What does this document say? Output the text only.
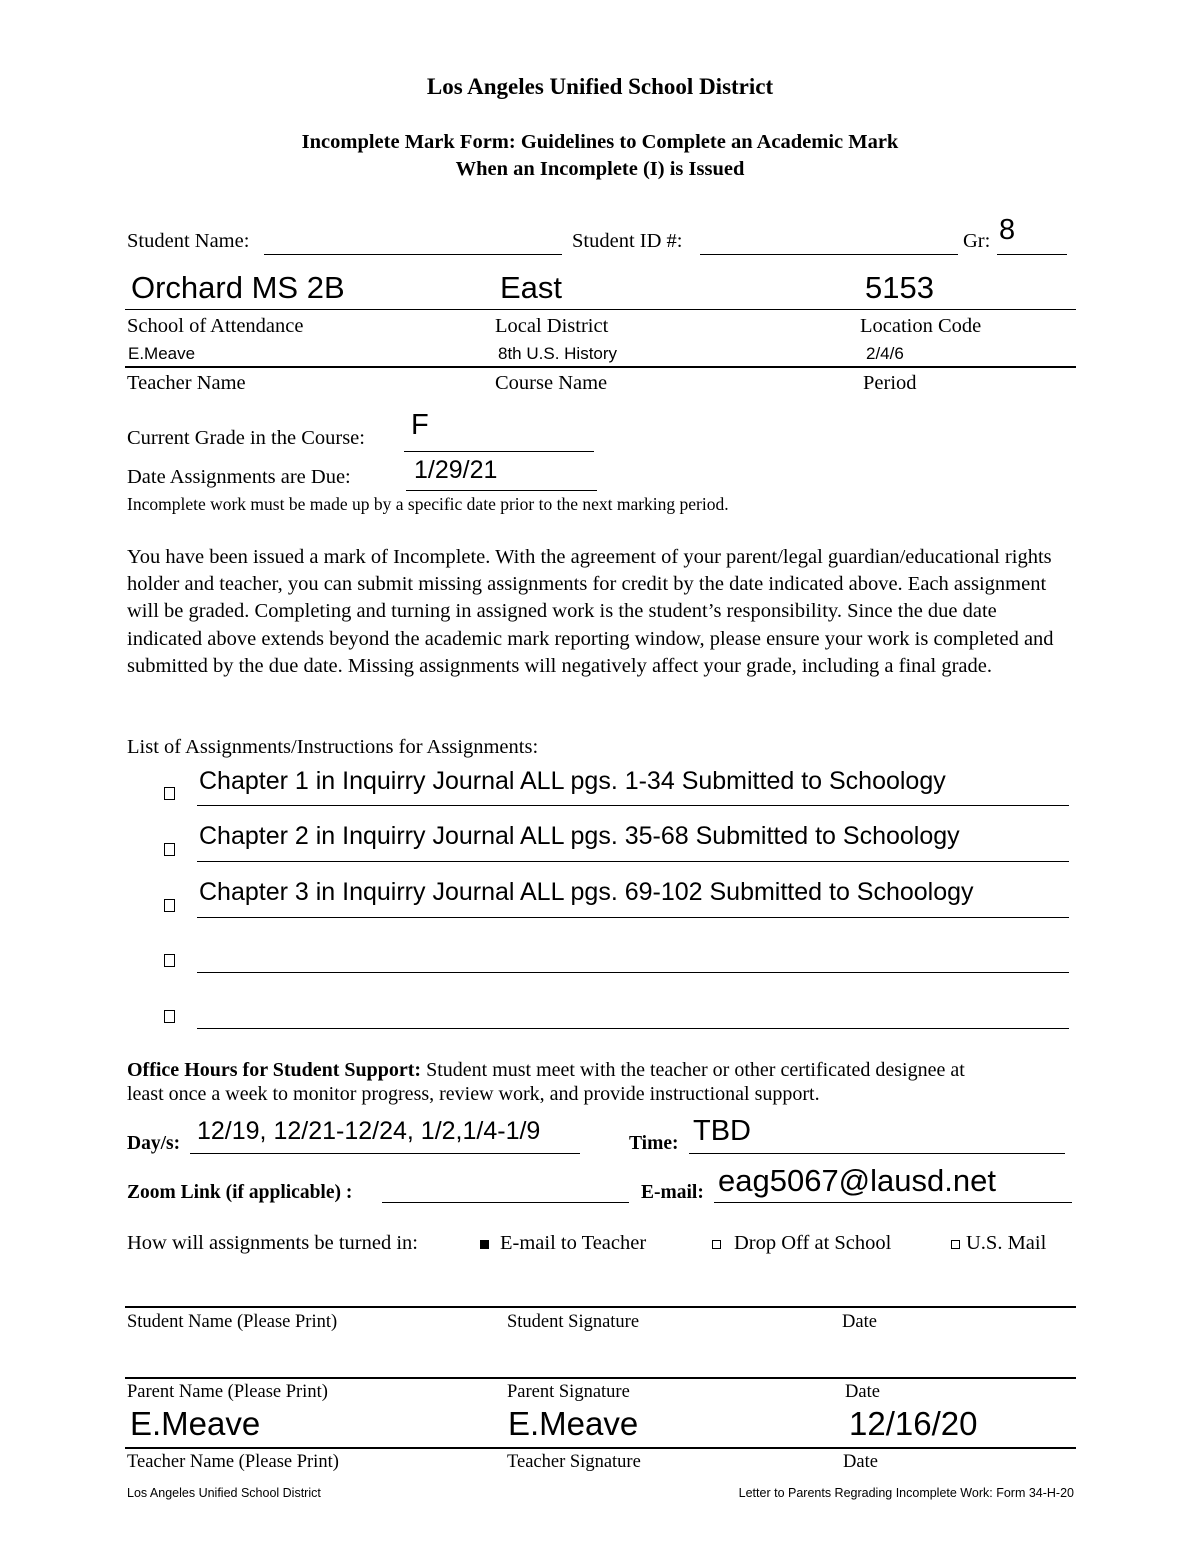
Los Angeles Unified School District
Incomplete Mark Form: Guidelines to Complete an Academic Mark
When an Incomplete (I) is Issued
Student Name:	Student ID #:	Gr: 8
Orchard MS 2B	East	5153
School of Attendance	Local District	Location Code
E.Meave	8th U.S. History	2/4/6
Teacher Name	Course Name	Period
Current Grade in the Course: F
Date Assignments are Due:	1/29/21
Incomplete work must be made up by a specific date prior to the next marking period.

You have been issued a mark of Incomplete. With the agreement of your parent/legal guardian/educational rights holder and teacher, you can submit missing assignments for credit by the date indicated above. Each assignment will be graded. Completing and turning in assigned work is the student’s responsibility. Since the due date indicated above extends beyond the academic mark reporting window, please ensure your work is completed and submitted by the due date. Missing assignments will negatively affect your grade, including a final grade.

List of Assignments/Instructions for Assignments:
Chapter 1 in Inquirry Journal ALL pgs. 1-34 Submitted to Schoology
Chapter 2 in Inquirry Journal ALL pgs. 35-68 Submitted to Schoology
Chapter 3 in Inquirry Journal ALL pgs. 69-102 Submitted to Schoology
Office Hours for Student Support: Student must meet with the teacher or other certificated designee at
least once a week to monitor progress, review work, and provide instructional support.
Day/s: 12/19, 12/21-12/24, 1/2,1/4-1/9	Time: TBD
Zoom Link (if applicable) :	E-mail: eag5067@lausd.net
How will assignments be turned in:	E-mail to Teacher	Drop Off at School	U.S. Mail
Student Name (Please Print)	Student Signature	Date
Parent Name (Please Print)	Parent Signature	Date
E.Meave	E.Meave	12/16/20
Teacher Name (Please Print)	Teacher Signature	Date
Los Angeles Unified School District	Letter to Parents Regrading Incomplete Work: Form 34-H-20
